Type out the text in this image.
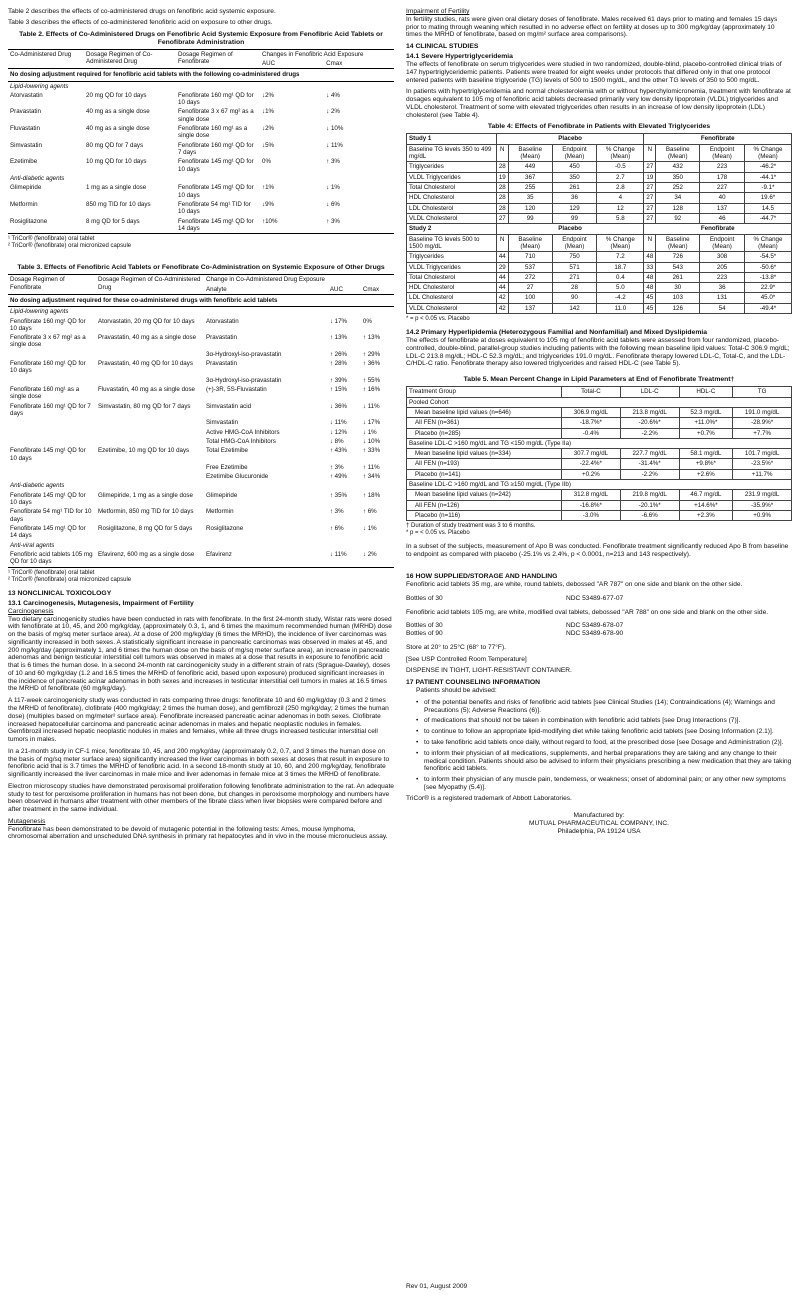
Table 2 describes the effects of co-administered drugs on fenofibric acid systemic exposure.

Table 3 describes the effects of co-administered fenofibric acid on exposure to other drugs.

Table 2. Effects of Co-Administered Drugs on Fenofibric Acid Systemic Exposure from Fenofibric Acid Tablets or Fenofibrate Administration
Co-Administered Drug	Dosage Regimen of Co-Administered Drug	Dosage Regimen of Fenofibrate	Changes in Fenofibric Acid Exposure	
			AUC	Cmax
No dosing adjustment required for fenofibric acid tablets with the following co-administered drugs				
Lipid-lowering agents				
Atorvastatin	20 mg QD for 10 days	Fenofibrate 160 mg¹ QD for 10 days	↓2%	↓ 4%
Pravastatin	40 mg as a single dose	Fenofibrate 3 x 67 mg² as a single dose	↓1%	↓ 2%
Fluvastatin	40 mg as a single dose	Fenofibrate 160 mg¹ as a single dose	↓2%	↓ 10%
Simvastatin	80 mg QD for 7 days	Fenofibrate 160 mg¹ QD for 7 days	↓5%	↓ 11%
Ezetimibe	10 mg QD for 10 days	Fenofibrate 145 mg¹ QD for 10 days	0%	↑ 3%
Anti-diabetic agents				
Glimepiride	1 mg as a single dose	Fenofibrate 145 mg¹ QD for 10 days	↑1%	↓ 1%
Metformin	850 mg TID for 10 days	Fenofibrate 54 mg¹ TID for 10 days	↓9%	↓ 6%
Rosiglitazone	8 mg QD for 5 days	Fenofibrate 145 mg¹ QD for 14 days	↑10%	↑ 3%
¹ TriCor® (fenofibrate) oral tablet
² TriCor® (fenofibrate) oral micronized capsule
Table 3. Effects of Fenofibric Acid Tablets or Fenofibrate Co-Administration on Systemic Exposure of Other Drugs
Dosage Regimen of Fenofibrate	Dosage Regimen of Co-Administered Drug	Change in Co-Administered Drug Exposure		
		Analyte	AUC	Cmax
No dosing adjustment required for these co-administered drugs with fenofibric acid tablets				
Lipid-lowering agents				
Fenofibrate 160 mg¹ QD for 10 days	Atorvastatin, 20 mg QD for 10 days	Atorvastatin	↓ 17%	0%
Fenofibrate 3 x 67 mg² as a single dose	Pravastatin, 40 mg as a single dose	Pravastatin	↑ 13%	↑ 13%
		3α-Hydroxyl-iso-pravastatin	↑ 26%	↑ 29%
Fenofibrate 160 mg¹ QD for 10 days	Pravastatin, 40 mg QD for 10 days	Pravastatin	↑ 28%	↑ 36%
		3α-Hydroxyl-iso-pravastatin	↑ 39%	↑ 55%
Fenofibrate 160 mg¹ as a single dose	Fluvastatin, 40 mg as a single dose	(+)-3R, 5S-Fluvastatin	↑ 15%	↑ 16%
Fenofibrate 160 mg¹ QD for 7 days	Simvastatin, 80 mg QD for 7 days	Simvastatin acid	↓ 36%	↓ 11%
		Simvastatin	↓ 11%	↓ 17%
		Active HMG-CoA Inhibitors	↓ 12%	↓ 1%
		Total HMG-CoA Inhibitors	↓ 8%	↓ 10%
Fenofibrate 145 mg¹ QD for 10 days	Ezetimibe, 10 mg QD for 10 days	Total Ezetimibe	↑ 43%	↑ 33%
		Free Ezetimibe	↑ 3%	↑ 11%
		Ezetimibe Glucuronide	↑ 49%	↑ 34%
Anti-diabetic agents				
Fenofibrate 145 mg¹ QD for 10 days	Glimepiride, 1 mg as a single dose	Glimepiride	↑ 35%	↑ 18%
Fenofibrate 54 mg¹ TID for 10 days	Metformin, 850 mg TID for 10 days	Metformin	↑ 3%	↑ 6%
Fenofibrate 145 mg¹ QD for 14 days	Rosiglitazone, 8 mg QD for 5 days	Rosiglitazone	↑ 6%	↓ 1%
Anti-viral agents				
Fenofibric acid tablets 105 mg QD for 10 days	Efavirenz, 600 mg as a single dose	Efavirenz	↓ 11%	↓ 2%
¹ TriCor® (fenofibrate) oral tablet
² TriCor® (fenofibrate) oral micronized capsule
13 NONCLINICAL TOXICOLOGY
13.1 Carcinogenesis, Mutagenesis, Impairment of Fertility
Carcinogenesis

Two dietary carcinogenicity studies have been conducted in rats with fenofibrate. In the first 24-month study, Wistar rats were dosed with fenofibrate at 10, 45, and 200 mg/kg/day, (approximately 0.3, 1, and 6 times the maximum recommended human (MRHD) dose on the basis of mg/sq meter surface area). At a dose of 200 mg/kg/day (6 times the MRHD), the incidence of liver carcinomas was significantly increased in both sexes. A statistically significant increase in pancreatic carcinomas was observed in males at 45, and 200 mg/kg/day (approximately 1, and 6 times the human dose on the basis of mg/sq meter surface area), an increase in pancreatic adenomas and benign testicular interstitial cell tumors was observed in males at a dose that results in exposure to fenofibric acid that is 6 times the human dose. In a second 24-month rat carcinogenicity study in a different strain of rats (Sprague-Dawley), doses of 10 and 60 mg/kg/day (1.2 and 16.5 times the MRHD of fenofibric acid, based upon exposure) produced significant increases in the incidence of pancreatic acinar adenomas in both sexes and increases in testicular interstitial cell tumors in males at 16.5 times the MRHD of fenofibrate (60 mg/kg/day).

A 117-week carcinogenicity study was conducted in rats comparing three drugs: fenofibrate 10 and 60 mg/kg/day (0.3 and 2 times the MRHD of fenofibrate), clofibrate (400 mg/kg/day; 2 times the human dose), and gemfibrozil (250 mg/kg/day; 2 times the human dose) (multiples based on mg/meter² surface area). Fenofibrate increased pancreatic acinar adenomas in both sexes. Clofibrate increased hepatocellular carcinoma and pancreatic acinar adenomas in males and hepatic neoplastic nodules in females. Gemfibrozil increased hepatic neoplastic nodules in males and females, while all three drugs increased testicular interstitial cell tumors in males.

In a 21-month study in CF-1 mice, fenofibrate 10, 45, and 200 mg/kg/day (approximately 0.2, 0.7, and 3 times the human dose on the basis of mg/sq meter surface area) significantly increased the liver carcinomas in both sexes at doses that result in exposure to fenofibric acid that is 3.7 times the MRHD of fenofibric acid. In a second 18-month study at 10, 60, and 200 mg/kg/day, fenofibrate significantly increased the liver carcinomas in male mice and liver adenomas in female mice at 3 times the MRHD of fenofibrate.

Electron microscopy studies have demonstrated peroxisomal proliferation following fenofibrate administration to the rat. An adequate study to test for peroxisome proliferation in humans has not been done, but changes in peroxisome morphology and numbers have been observed in humans after treatment with other members of the fibrate class when liver biopsies were compared before and after treatment in the same individual.

Mutagenesis

Fenofibrate has been demonstrated to be devoid of mutagenic potential in the following tests: Ames, mouse lymphoma, chromosomal aberration and unscheduled DNA synthesis in primary rat hepatocytes and in vivo in the mouse micronucleus assay.

Impairment of Fertility

In fertility studies, rats were given oral dietary doses of fenofibrate. Males received 61 days prior to mating and females 15 days prior to mating through weaning which resulted in no adverse effect on fertility at doses up to 300 mg/kg/day (approximately 10 times the MRHD of fenofibrate, based on mg/m² surface area comparisons).

14 CLINICAL STUDIES
14.1 Severe Hypertriglyceridemia

The effects of fenofibrate on serum triglycerides were studied in two randomized, double-blind, placebo-controlled clinical trials of 147 hypertriglyceridemic patients. Patients were treated for eight weeks under protocols that differed only in that one protocol entered patients with baseline triglyceride (TG) levels of 500 to 1500 mg/dL, and the other TG levels of 350 to 500 mg/dL.

In patients with hypertriglyceridemia and normal cholesterolemia with or without hyperchylomicronemia, treatment with fenofibrate at dosages equivalent to 105 mg of fenofibric acid tablets decreased primarily very low density lipoprotein (VLDL) triglycerides and VLDL cholesterol. Treatment of some with elevated triglycerides often results in an increase of low density lipoprotein (LDL) cholesterol (see Table 4).

Table 4: Effects of Fenofibrate in Patients with Elevated Triglycerides
Study 1	Placebo				Fenofibrate			
Baseline TG levels 350 to 499 mg/dL	N	Baseline (Mean)	Endpoint (Mean)	% Change (Mean)	N	Baseline (Mean)	Endpoint (Mean)	% Change (Mean)
Triglycerides	28	449	450	-0.5	27	432	223	-46.2*
VLDL Triglycerides	19	367	350	2.7	19	350	178	-44.1*
Total Cholesterol	28	255	261	2.8	27	252	227	-9.1*
HDL Cholesterol	28	35	36	4	27	34	40	19.6*
LDL Cholesterol	28	120	129	12	27	128	137	14.5
VLDL Cholesterol	27	99	99	5.8	27	92	46	-44.7*
Study 2	Placebo				Fenofibrate			
Baseline TG levels 500 to 1500 mg/dL	N	Baseline (Mean)	Endpoint (Mean)	% Change (Mean)	N	Baseline (Mean)	Endpoint (Mean)	% Change (Mean)
Triglycerides	44	710	750	7.2	48	726	308	-54.5*
VLDL Triglycerides	29	537	571	18.7	33	543	205	-50.6*
Total Cholesterol	44	272	271	0.4	48	261	223	-13.8*
HDL Cholesterol	44	27	28	5.0	48	30	36	22.9*
LDL Cholesterol	42	100	90	-4.2	45	103	131	45.0*
VLDL Cholesterol	42	137	142	11.0	45	126	54	-49.4*
* = p < 0.05 vs. Placebo
14.2 Primary Hyperlipidemia (Heterozygous Familial and Nonfamilial) and Mixed Dyslipidemia

The effects of fenofibrate at doses equivalent to 105 mg of fenofibric acid tablets were assessed from four randomized, placebo-controlled, double-blind, parallel-group studies including patients with the following mean baseline lipid values: Total-C 306.9 mg/dL; LDL-C 213.8 mg/dL; HDL-C 52.3 mg/dL; and triglycerides 191.0 mg/dL. Fenofibrate therapy lowered LDL-C, Total-C, and the LDL-C/HDL-C ratio. Fenofibrate therapy also lowered triglycerides and raised HDL-C (see Table 5).

Table 5. Mean Percent Change in Lipid Parameters at End of Fenofibrate Treatment†
Treatment Group	Total-C	LDL-C	HDL-C	TG
Pooled Cohort				
Mean baseline lipid values (n=646)	306.9 mg/dL	213.8 mg/dL	52.3 mg/dL	191.0 mg/dL
All FEN (n=361)	-18.7%*	-20.6%*	+11.0%*	-28.9%*
Placebo (n=285)	-0.4%	-2.2%	+0.7%	+7.7%
Baseline LDL-C >160 mg/dL and TG <150 mg/dL (Type IIa)				
Mean baseline lipid values (n=334)	307.7 mg/dL	227.7 mg/dL	58.1 mg/dL	101.7 mg/dL
All FEN (n=193)	-22.4%*	-31.4%*	+9.8%*	-23.5%*
Placebo (n=141)	+0.2%	-2.2%	+2.6%	+11.7%
Baseline LDL-C >160 mg/dL and TG ≥150 mg/dL (Type IIb)				
Mean baseline lipid values (n=242)	312.8 mg/dL	219.8 mg/dL	46.7 mg/dL	231.9 mg/dL
All FEN (n=126)	-16.8%*	-20.1%*	+14.6%*	-35.9%*
Placebo (n=116)	-3.0%	-6.6%	+2.3%	+0.9%
† Duration of study treatment was 3 to 6 months.
* p = < 0.05 vs. Placebo

In a subset of the subjects, measurement of Apo B was conducted. Fenofibrate treatment significantly reduced Apo B from baseline to endpoint as compared with placebo (-25.1% vs 2.4%, p < 0.0001, n=213 and 143 respectively).

16 HOW SUPPLIED/STORAGE AND HANDLING

Fenofibric acid tablets 35 mg, are white, round tablets, debossed "AR 787" on one side and blank on the other side.

Bottles of 30	NDC 53489-677-07

Fenofibric acid tablets 105 mg, are white, modified oval tablets, debossed "AR 788" on one side and blank on the other side.

Bottles of 30	NDC 53489-678-07
Bottles of 90	NDC 53489-678-90

Store at 20° to 25°C (68° to 77°F).

[See USP Controlled Room Temperature]

DISPENSE IN TIGHT, LIGHT-RESISTANT CONTAINER.

17 PATIENT COUNSELING INFORMATION

Patients should be advised:

• of the potential benefits and risks of fenofibric acid tablets [see Clinical Studies (14); Contraindications (4); Warnings and Precautions (5); Adverse Reactions (6)].
• of medications that should not be taken in combination with fenofibric acid tablets [see Drug Interactions (7)].
• to continue to follow an appropriate lipid-modifying diet while taking fenofibric acid tablets [see Dosing Information (2.1)].
• to take fenofibric acid tablets once daily, without regard to food, at the prescribed dose [see Dosage and Administration (2)].
• to inform their physician of all medications, supplements, and herbal preparations they are taking and any change to their medical condition. Patients should also be advised to inform their physicians prescribing a new medication that they are taking fenofibric acid tablets.
• to inform their physician of any muscle pain, tenderness, or weakness; onset of abdominal pain; or any other new symptoms [see Myopathy (5.4)].

TriCor® is a registered trademark of Abbott Laboratories.

Manufactured by:
MUTUAL PHARMACEUTICAL COMPANY, INC.
Philadelphia, PA 19124 USA
Rev 01, August 2009
